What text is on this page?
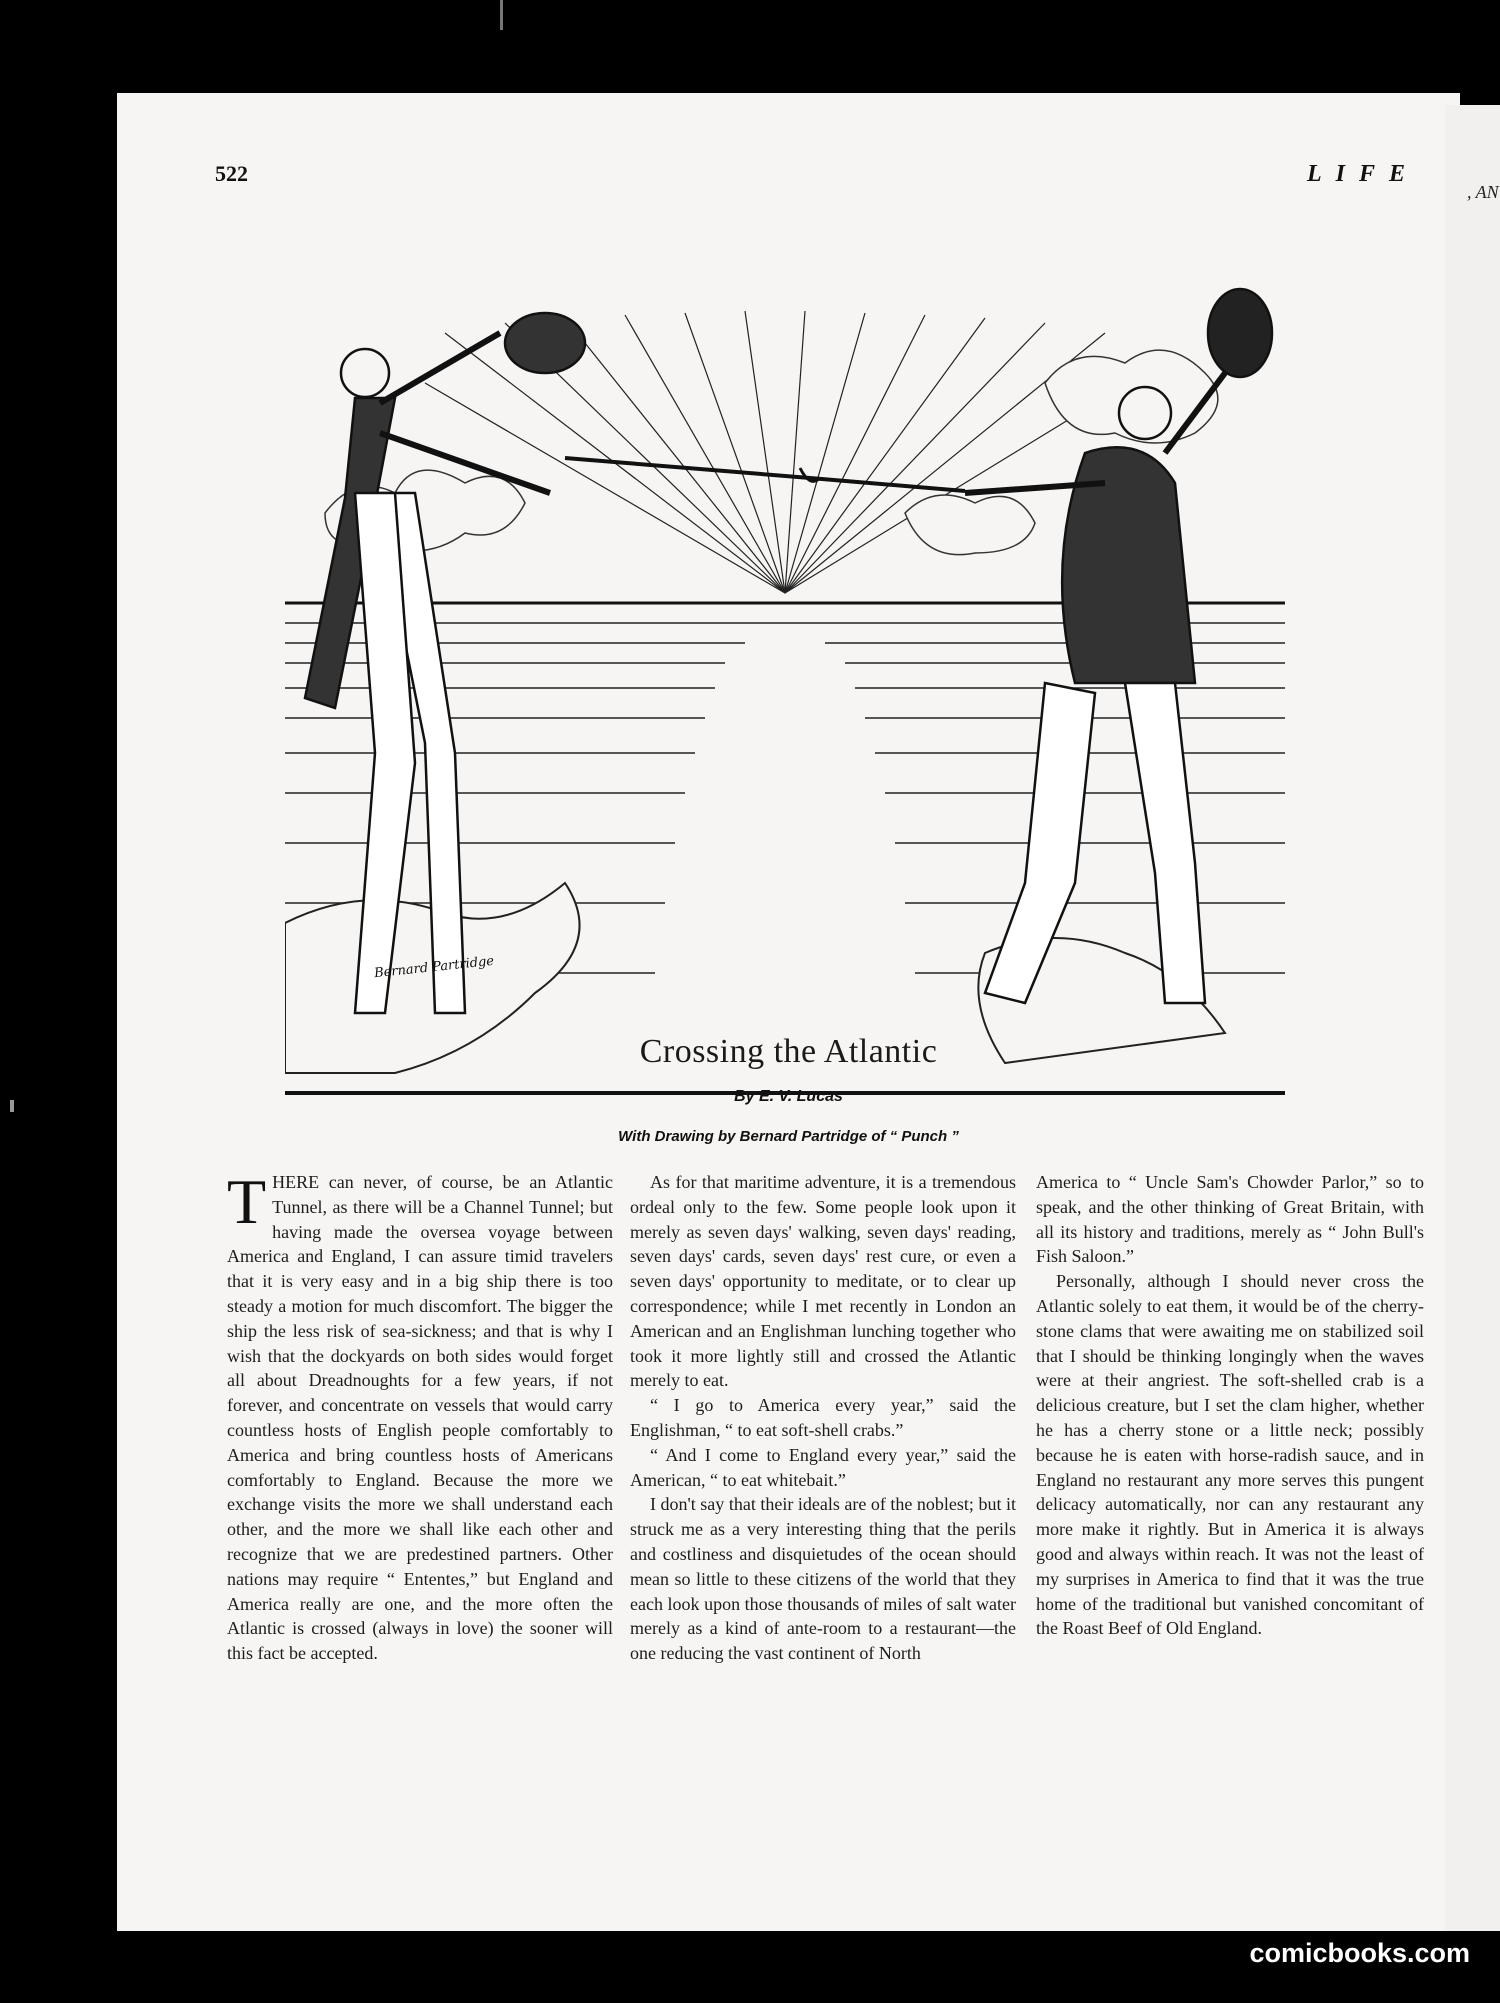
522	LIFE
Bernard Partridge
Crossing the Atlantic
By E. V. Lucas
With Drawing by Bernard Partridge of “ Punch ”

THERE can never, of course, be an Atlantic Tunnel, as there will be a Channel Tunnel; but having made the oversea voyage between America and England, I can assure timid travelers that it is very easy and in a big ship there is too steady a motion for much discomfort. The bigger the ship the less risk of sea-sickness; and that is why I wish that the dockyards on both sides would forget all about Dreadnoughts for a few years, if not forever, and concentrate on vessels that would carry countless hosts of English people comfortably to America and bring countless hosts of Americans comfortably to England. Because the more we exchange visits the more we shall understand each other, and the more we shall like each other and recognize that we are predestined partners. Other nations may require “ Ententes,” but England and America really are one, and the more often the Atlantic is crossed (always in love) the sooner will this fact be accepted.

As for that maritime adventure, it is a tremendous ordeal only to the few. Some people look upon it merely as seven days' walking, seven days' reading, seven days' cards, seven days' rest cure, or even a seven days' opportunity to meditate, or to clear up correspondence; while I met recently in London an American and an Englishman lunching together who took it more lightly still and crossed the Atlantic merely to eat.

“ I go to America every year,” said the Englishman, “ to eat soft-shell crabs.”

“ And I come to England every year,” said the American, “ to eat whitebait.”

I don't say that their ideals are of the noblest; but it struck me as a very interesting thing that the perils and costliness and disquietudes of the ocean should mean so little to these citizens of the world that they each look upon those thousands of miles of salt water merely as a kind of ante-room to a restaurant—the one reducing the vast continent of North

America to “ Uncle Sam's Chowder Parlor,” so to speak, and the other thinking of Great Britain, with all its history and traditions, merely as “ John Bull's Fish Saloon.”

Personally, although I should never cross the Atlantic solely to eat them, it would be of the cherry-stone clams that were awaiting me on stabilized soil that I should be thinking longingly when the waves were at their angriest. The soft-shelled crab is a delicious creature, but I set the clam higher, whether he has a cherry stone or a little neck; possibly because he is eaten with horse-radish sauce, and in England no restaurant any more serves this pungent delicacy automatically, nor can any restaurant any more make it rightly. But in America it is always good and always within reach. It was not the least of my surprises in America to find that it was the true home of the traditional but vanished concomitant of the Roast Beef of Old England.

, AN
comicbooks.com
